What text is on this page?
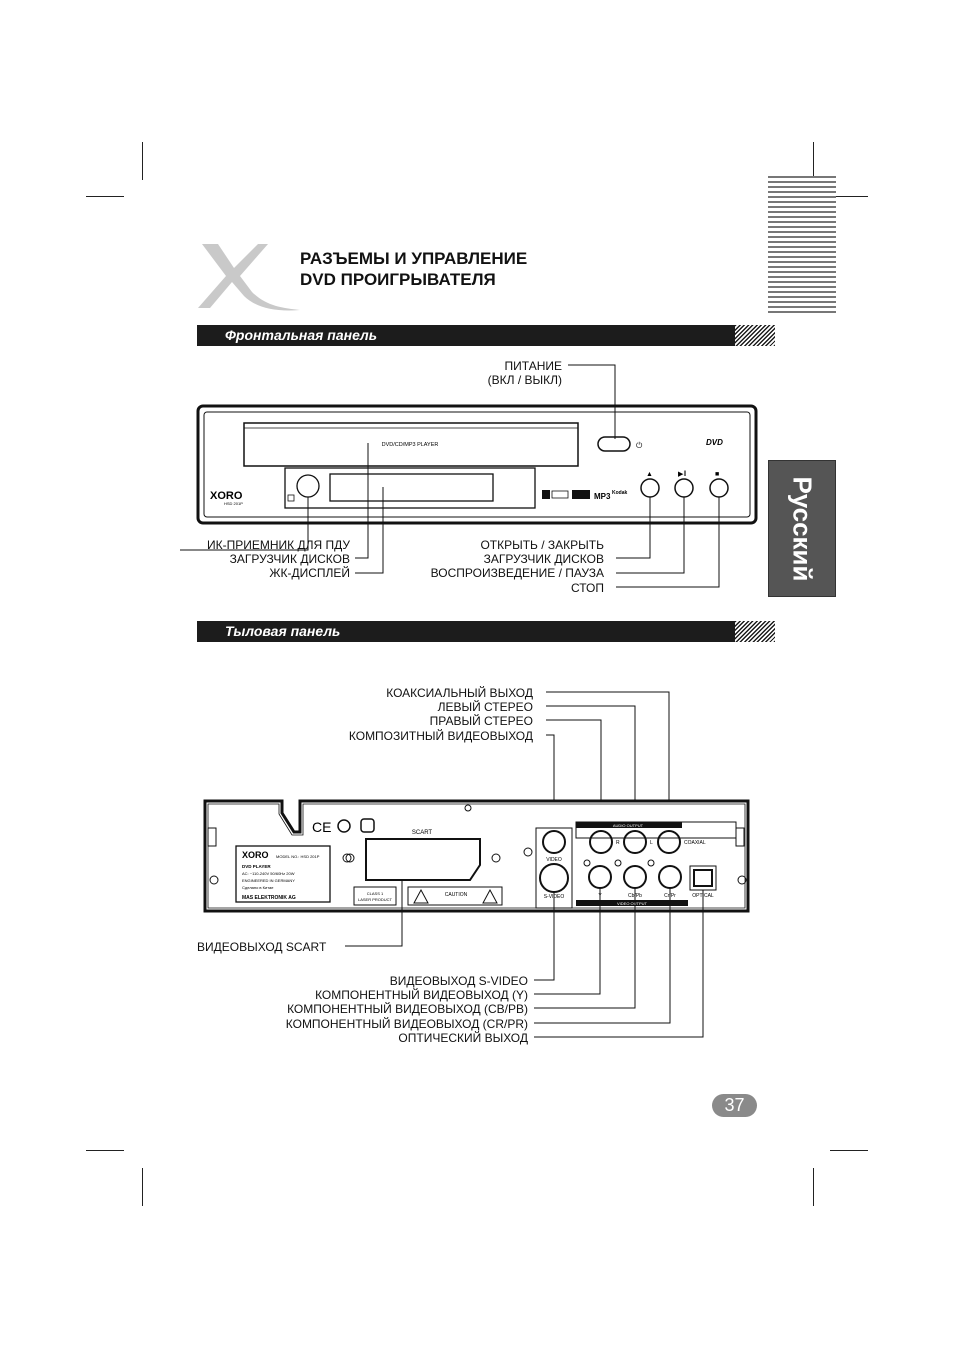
Русский
РАЗЪЕМЫ И УПРАВЛЕНИЕ
DVD ПРОИГРЫВАТЕЛЯ
Фронтальная панель
DVD/CD/MP3 PLAYER	⏻	DVD
XORO
HSD 201P
MP3 Kodak
▲	▶‖	■
ПИТАНИЕ
(ВКЛ / ВЫКЛ)
ИК-ПРИЕМНИК ДЛЯ ПДУ
ЗАГРУЗЧИК ДИСКОВ
ЖК-ДИСПЛЕЙ
ОТКРЫТЬ / ЗАКРЫТЬ
ЗАГРУЗЧИК ДИСКОВ
ВОСПРОИЗВЕДЕНИЕ / ПАУЗА
СТОП
Тыловая панель
КОАКСИАЛЬНЫЙ ВЫХОД
ЛЕВЫЙ СТЕРЕО
ПРАВЫЙ СТЕРЕО
КОМПОЗИТНЫЙ ВИДЕОВЫХОД
CE
XORO MODEL NO.: HSD 201P
DVD PLAYER
AC: ~110-240V 50/60Hz 20W
ENGINEERED IN GERMANY
Сделано в Китае
MAS ELEKTRONIK AG
SCART
CLASS 1
LASER PRODUCT
CAUTION
AUDIO OUTPUT
VIDEO OUTPUT
VIDEO
R	L	COAXIAL
S-VIDEO	Y	Cb/Pb	Cr/Pr	OPTICAL
ВИДЕОВЫХОД SCART
ВИДЕОВЫХОД S-VIDEO
КОМПОНЕНТНЫЙ ВИДЕОВЫХОД (Y)
КОМПОНЕНТНЫЙ ВИДЕОВЫХОД (CB/PB)
КОМПОНЕНТНЫЙ ВИДЕОВЫХОД (CR/PR)
ОПТИЧЕСКИЙ ВЫХОД
37
